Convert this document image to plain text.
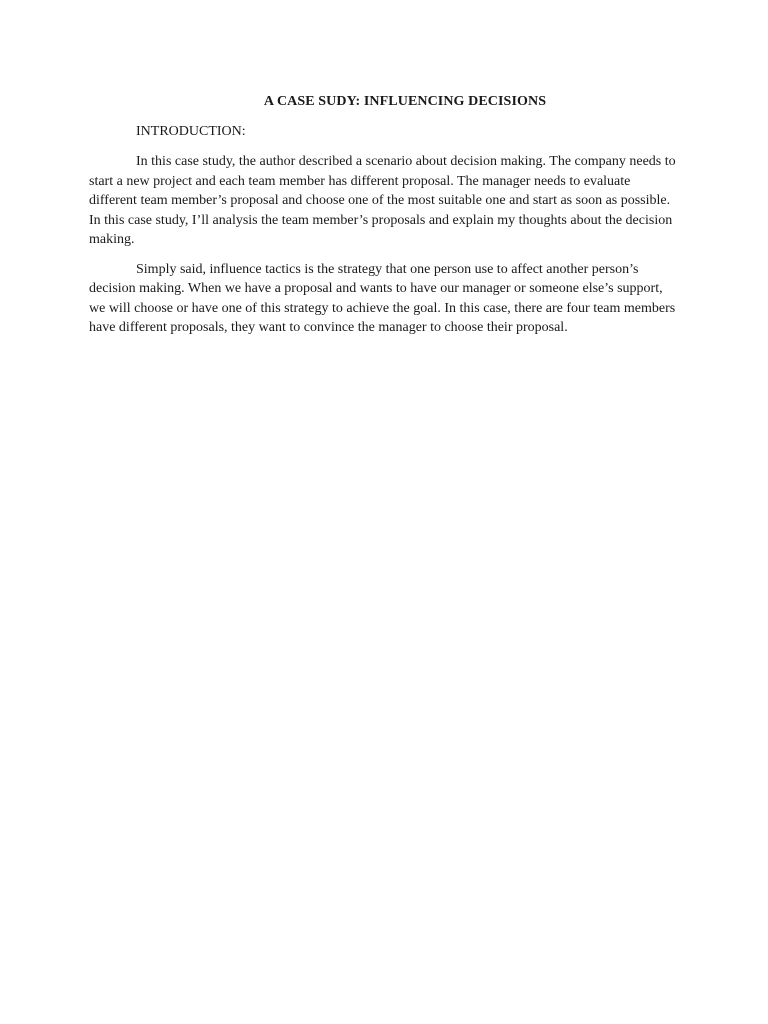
A CASE SUDY: INFLUENCING DECISIONS

INTRODUCTION:

In this case study, the author described a scenario about decision making. The company needs to start a new project and each team member has different proposal. The manager needs to evaluate different team member’s proposal and choose one of the most suitable one and start as soon as possible. In this case study, I’ll analysis the team member’s proposals and explain my thoughts about the decision making.

Simply said, influence tactics is the strategy that one person use to affect another person’s decision making. When we have a proposal and wants to have our manager or someone else’s support, we will choose or have one of this strategy to achieve the goal. In this case, there are four team members have different proposals, they want to convince the manager to choose their proposal.
